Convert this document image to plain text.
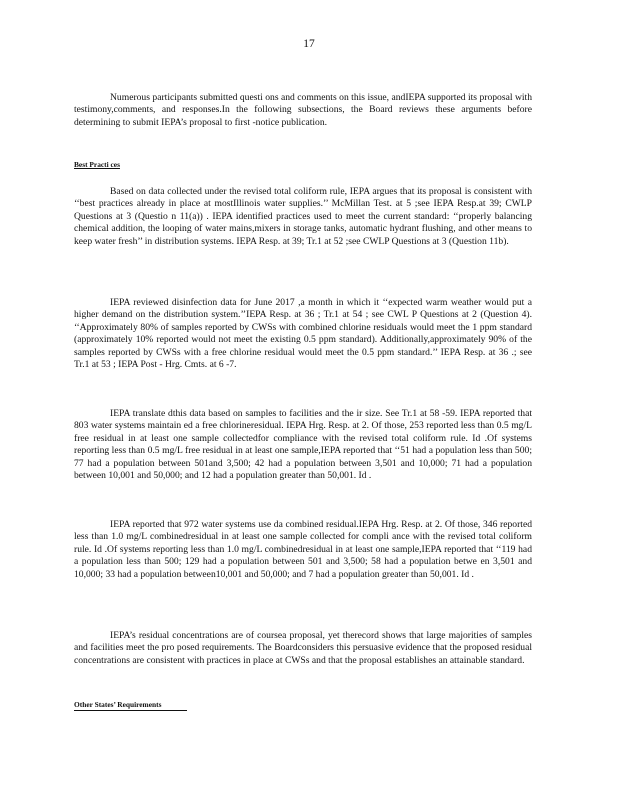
17

Numerous participants submitted questi ons and comments on this issue, andIEPA supported its proposal with testimony,comments, and responses.In the following subsections, the Board reviews these arguments before determining to submit IEPA’s proposal to first -notice publication.

Best Practi ces

Based on data collected under the revised total coliform rule, IEPA argues that its proposal is consistent with ‘‘best practices already in place at mostIllinois water supplies.’’ McMillan Test. at 5 ;see IEPA Resp.at 39; CWLP Questions at 3 (Questio n 11(a)) . IEPA identified practices used to meet the current standard: ‘‘properly balancing chemical addition, the looping of water mains,mixers in storage tanks, automatic hydrant flushing, and other means to keep water fresh’’ in distribution systems. IEPA Resp. at 39; Tr.1 at 52 ;see CWLP Questions at 3 (Question 11b).

IEPA reviewed disinfection data for June 2017 ,a month in which it ‘‘expected warm weather would put a higher demand on the distribution system.’’IEPA Resp. at 36 ; Tr.1 at 54 ; see CWL P Questions at 2 (Question 4). ‘‘Approximately 80% of samples reported by CWSs with combined chlorine residuals would meet the 1 ppm standard (approximately 10% reported would not meet the existing 0.5 ppm standard). Additionally,approximately 90% of the samples reported by CWSs with a free chlorine residual would meet the 0.5 ppm standard.’’ IEPA Resp. at 36 .; see Tr.1 at 53 ; IEPA Post - Hrg. Cmts. at 6 -7.

IEPA translate dthis data based on samples to facilities and the ir size. See Tr.1 at 58 -59. IEPA reported that 803 water systems maintain ed a free chlorineresidual. IEPA Hrg. Resp. at 2. Of those, 253 reported less than 0.5 mg/L free residual in at least one sample collectedfor compliance with the revised total coliform rule. Id .Of systems reporting less than 0.5 mg/L free residual in at least one sample,IEPA reported that ‘‘51 had a population less than 500; 77 had a population between 501and 3,500; 42 had a population between 3,501 and 10,000; 71 had a population between 10,001 and 50,000; and 12 had a population greater than 50,001. Id .

IEPA reported that 972 water systems use da combined residual.IEPA Hrg. Resp. at 2. Of those, 346 reported less than 1.0 mg/L combinedresidual in at least one sample collected for compli ance with the revised total coliform rule. Id .Of systems reporting less than 1.0 mg/L combinedresidual in at least one sample,IEPA reported that ‘‘119 had a population less than 500; 129 had a population between 501 and 3,500; 58 had a population betwe en 3,501 and 10,000; 33 had a population between10,001 and 50,000; and 7 had a population greater than 50,001. Id .

IEPA’s residual concentrations are of coursea proposal, yet therecord shows that large majorities of samples and facilities meet the pro posed requirements. The Boardconsiders this persuasive evidence that the proposed residual concentrations are consistent with practices in place at CWSs and that the proposal establishes an attainable standard.

Other States’ Requirements
